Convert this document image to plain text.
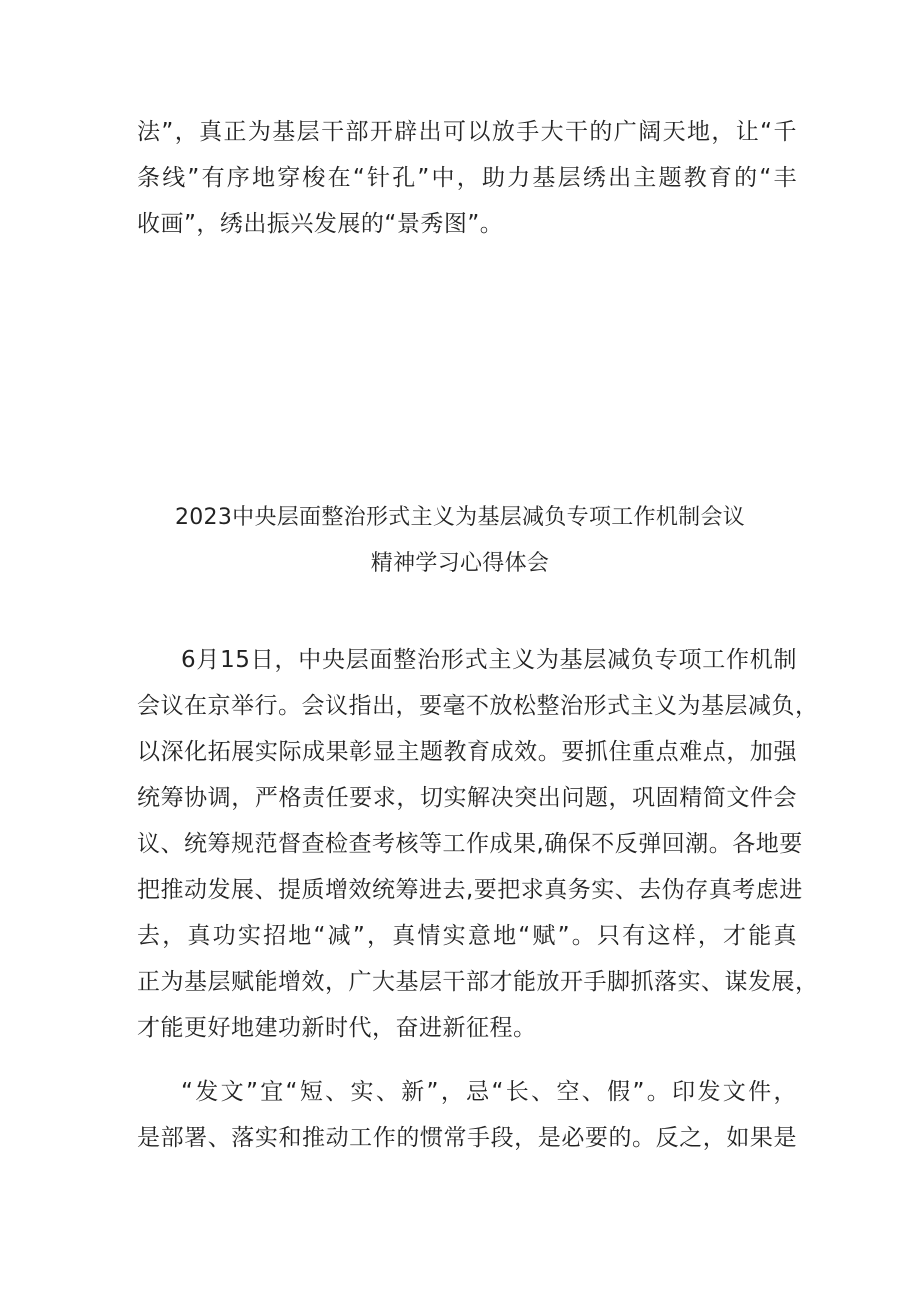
法”，真正为基层干部开辟出可以放手大干的广阔天地，让“千
条线”有序地穿梭在“针孔”中，助力基层绣出主题教育的“丰
收画”，绣出振兴发展的“景秀图”。
2023中央层面整治形式主义为基层减负专项工作机制会议
精神学习心得体会
6月15日，中央层面整治形式主义为基层减负专项工作机制
会议在京举行。会议指出，要毫不放松整治形式主义为基层减负，
以深化拓展实际成果彰显主题教育成效。要抓住重点难点，加强
统筹协调，严格责任要求，切实解决突出问题，巩固精简文件会
议、统筹规范督查检查考核等工作成果,确保不反弹回潮。各地要
把推动发展、提质增效统筹进去,要把求真务实、去伪存真考虑进
去，真功实招地“减”，真情实意地“赋”。只有这样，才能真
正为基层赋能增效，广大基层干部才能放开手脚抓落实、谋发展，
才能更好地建功新时代，奋进新征程。
“发文”宜“短、实、新”，忌“长、空、假”。印发文件，
是部署、落实和推动工作的惯常手段，是必要的。反之，如果是
